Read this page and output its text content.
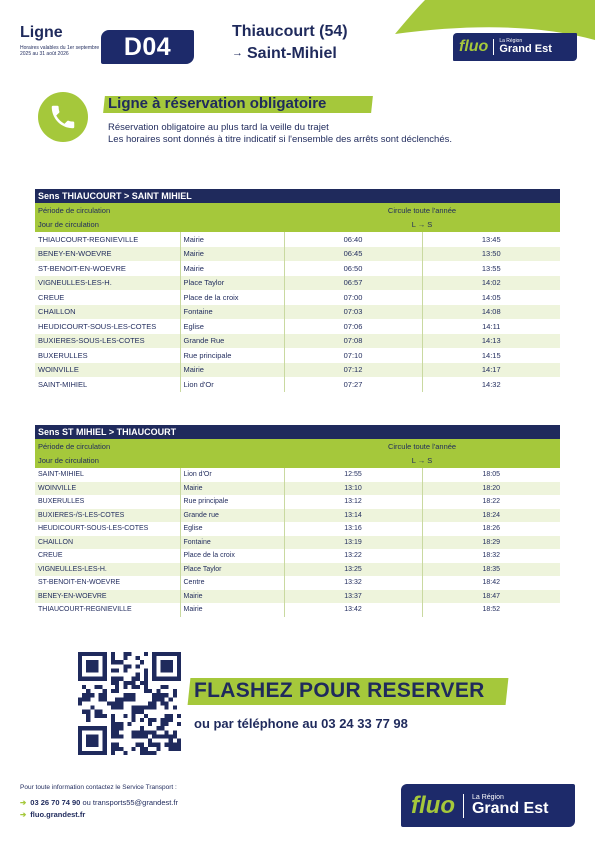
Ligne
Horaires valables du 1er septembre 2025 au 31 août 2026	D04
Thiaucourt (54)
→ Saint-Mihiel	fluo La Région
Grand Est
Ligne à réservation obligatoire
Réservation obligatoire au plus tard la veille du trajet
Les horaires sont donnés à titre indicatif si l'ensemble des arrêts sont déclenchés.
Sens THIAUCOURT > SAINT MIHIEL			
Période de circulation		Circule toute l'année	
Jour de circulation		L → S	
THIAUCOURT-REGNIEVILLE	Mairie	06:40	13:45
BENEY-EN-WOEVRE	Mairie	06:45	13:50
ST-BENOIT-EN-WOEVRE	Mairie	06:50	13:55
VIGNEULLES-LES-H.	Place Taylor	06:57	14:02
CREUE	Place de la croix	07:00	14:05
CHAILLON	Fontaine	07:03	14:08
HEUDICOURT-SOUS-LES-COTES	Eglise	07:06	14:11
BUXIERES-SOUS-LES-COTES	Grande Rue	07:08	14:13
BUXERULLES	Rue principale	07:10	14:15
WOINVILLE	Mairie	07:12	14:17
SAINT-MIHIEL	Lion d'Or	07:27	14:32
Sens ST MIHIEL > THIAUCOURT			
Période de circulation		Circule toute l'année	
Jour de circulation		L → S	
SAINT-MIHIEL	Lion d'Or	12:55	18:05
WOINVILLE	Mairie	13:10	18:20
BUXERULLES	Rue principale	13:12	18:22
BUXIERES-/S-LES-COTES	Grande rue	13:14	18:24
HEUDICOURT-SOUS-LES-COTES	Eglise	13:16	18:26
CHAILLON	Fontaine	13:19	18:29
CREUE	Place de la croix	13:22	18:32
VIGNEULLES-LES-H.	Place Taylor	13:25	18:35
ST-BENOIT-EN-WOEVRE	Centre	13:32	18:42
BENEY-EN-WOEVRE	Mairie	13:37	18:47
THIAUCOURT-REGNIEVILLE	Mairie	13:42	18:52
FLASHEZ POUR RESERVER
ou par téléphone au 03 24 33 77 98
Pour toute information contactez le Service Transport :
➔ 03 26 70 74 90 ou transports55@grandest.fr
➔ fluo.grandest.fr	fluo La Région
Grand Est
